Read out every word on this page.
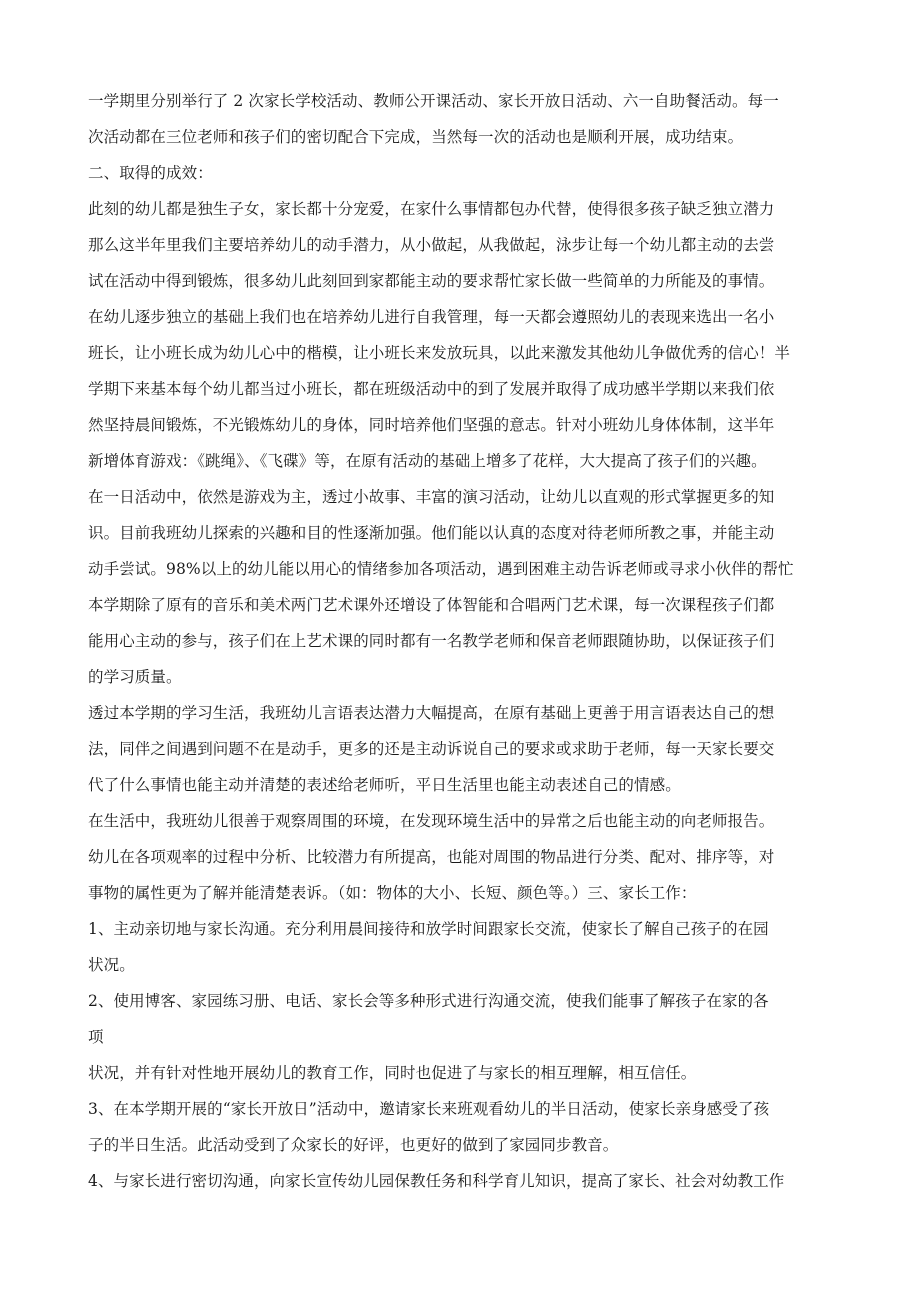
一学期里分别举行了 2 次家长学校活动、教师公开课活动、家长开放日活动、六一自助餐活动。每一
次活动都在三位老师和孩子们的密切配合下完成，当然每一次的活动也是顺利开展，成功结束。
二、取得的成效：
此刻的幼儿都是独生子女，家长都十分宠爱，在家什么事情都包办代替，使得很多孩子缺乏独立潜力
那么这半年里我们主要培养幼儿的动手潜力，从小做起，从我做起，泳步让每一个幼儿都主动的去尝
试在活动中得到锻炼，很多幼儿此刻回到家都能主动的要求帮忙家长做一些简单的力所能及的事情。
在幼儿逐步独立的基础上我们也在培养幼儿进行自我管理，每一天都会遵照幼儿的表现来选出一名小
班长，让小班长成为幼儿心中的楷模，让小班长来发放玩具，以此来激发其他幼儿争做优秀的信心！半
学期下来基本每个幼儿都当过小班长，都在班级活动中的到了发展并取得了成功感半学期以来我们依
然坚持晨间锻炼，不光锻炼幼儿的身体，同时培养他们坚强的意志。针对小班幼儿身体体制，这半年
新增体育游戏：《跳绳》、《飞碟》等，在原有活动的基础上增多了花样，大大提高了孩子们的兴趣。
在一日活动中，依然是游戏为主，透过小故事、丰富的演习活动，让幼儿以直观的形式掌握更多的知
识。目前我班幼儿探索的兴趣和目的性逐渐加强。他们能以认真的态度对待老师所教之事，并能主动
动手尝试。98%以上的幼儿能以用心的情绪参加各项活动，遇到困难主动告诉老师或寻求小伙伴的帮忙
本学期除了原有的音乐和美术两门艺术课外还增设了体智能和合唱两门艺术课，每一次课程孩子们都
能用心主动的参与，孩子们在上艺术课的同时都有一名教学老师和保音老师跟随协助，以保证孩子们
的学习质量。
透过本学期的学习生活，我班幼儿言语表达潜力大幅提高，在原有基础上更善于用言语表达自己的想
法，同伴之间遇到问题不在是动手，更多的还是主动诉说自己的要求或求助于老师，每一天家长要交
代了什么事情也能主动并清楚的表述给老师听，平日生活里也能主动表述自己的情感。
在生活中，我班幼儿很善于观察周围的环境，在发现环境生活中的异常之后也能主动的向老师报告。
幼儿在各项观率的过程中分析、比较潜力有所提高，也能对周围的物品进行分类、配对、排序等，对
事物的属性更为了解并能清楚表诉。（如：物体的大小、长短、颜色等。）三、家长工作：
1、主动亲切地与家长沟通。充分利用晨间接待和放学时间跟家长交流，使家长了解自己孩子的在园
状况。
2、使用博客、家园练习册、电话、家长会等多种形式进行沟通交流，使我们能事了解孩子在家的各
项
状况，并有针对性地开展幼儿的教育工作，同时也促进了与家长的相互理解，相互信任。
3、在本学期开展的“家长开放日”活动中，邀请家长来班观看幼儿的半日活动，使家长亲身感受了孩
子的半日生活。此活动受到了众家长的好评，也更好的做到了家园同步教音。
4、与家长进行密切沟通，向家长宣传幼儿园保教任务和科学育儿知识，提高了家长、社会对幼教工作
